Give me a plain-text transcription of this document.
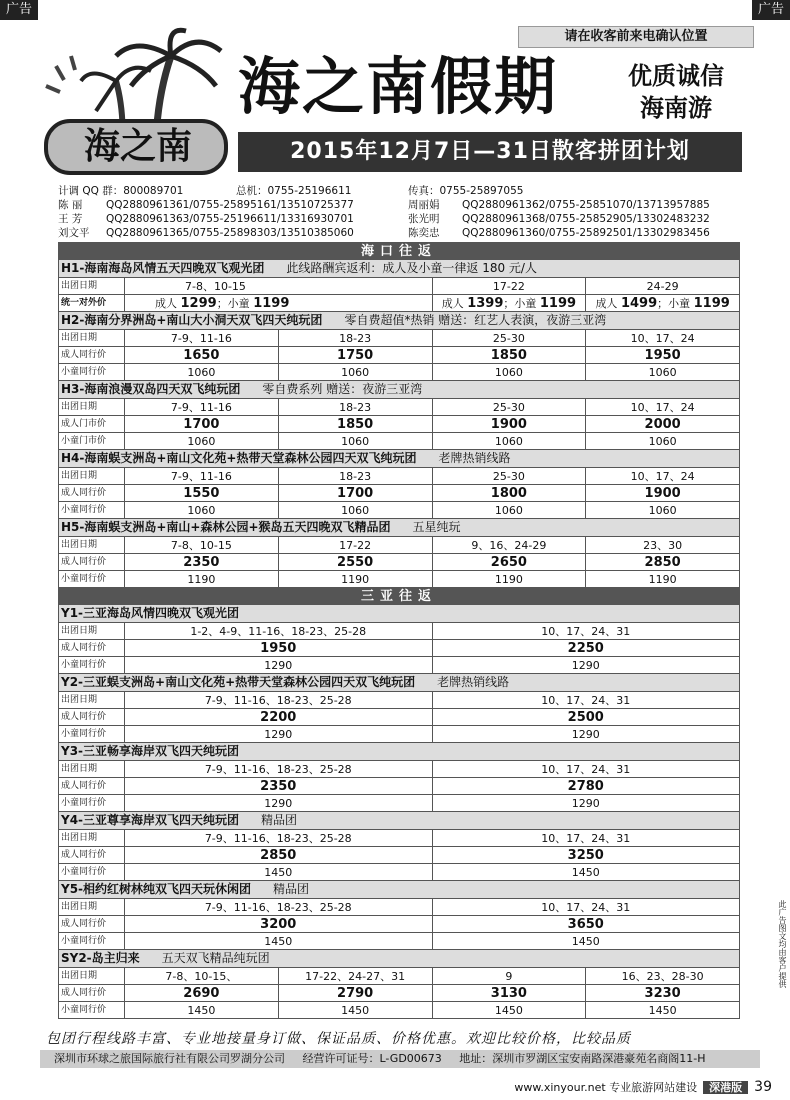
广告	广告
海之南
请在收客前来电确认位置
海之南假期	优质诚信
海南游
2015年12月7日—31日散客拼团计划
计调 QQ 群：800089701	总机：0755-25196611	传真：0755-25897055
陈 丽 QQ2880961361/0755-25895161/13510725377	周丽娟 QQ2880961362/0755-25851070/13713957885
王 芳 QQ2880961363/0755-25196611/13316930701	张光明 QQ2880961368/0755-25852905/13302483232
刘文平 QQ2880961365/0755-25898303/13510385060	陈奕忠 QQ2880961360/0755-25892501/13302983456
海口往返				
H1-海南海岛风情五天四晚双飞观光团 此线路酬宾返利：成人及小童一律返 180 元/人				
出团日期	7-8、10-15		17-22	24-29
统一对外价	成人 1299；小童 1199		成人 1399；小童 1199	成人 1499；小童 1199
H2-海南分界洲岛+南山大小洞天双飞四天纯玩团 零自费超值*热销 赠送：红艺人表演，夜游三亚湾				
出团日期	7-9、11-16	18-23	25-30	10、17、24
成人同行价	1650	1750	1850	1950
小童同行价	1060	1060	1060	1060
H3-海南浪漫双岛四天双飞纯玩团 零自费系列 赠送：夜游三亚湾				
出团日期	7-9、11-16	18-23	25-30	10、17、24
成人门市价	1700	1850	1900	2000
小童门市价	1060	1060	1060	1060
H4-海南蜈支洲岛+南山文化苑+热带天堂森林公园四天双飞纯玩团 老牌热销线路				
出团日期	7-9、11-16	18-23	25-30	10、17、24
成人同行价	1550	1700	1800	1900
小童同行价	1060	1060	1060	1060
H5-海南蜈支洲岛+南山+森林公园+猴岛五天四晚双飞精品团 五星纯玩				
出团日期	7-8、10-15	17-22	9、16、24-29	23、30
成人同行价	2350	2550	2650	2850
小童同行价	1190	1190	1190	1190
三亚往返				
Y1-三亚海岛风情四晚双飞观光团				
出团日期	1-2、4-9、11-16、18-23、25-28		10、17、24、31	
成人同行价	1950		2250	
小童同行价	1290		1290	
Y2-三亚蜈支洲岛+南山文化苑+热带天堂森林公园四天双飞纯玩团 老牌热销线路				
出团日期	7-9、11-16、18-23、25-28		10、17、24、31	
成人同行价	2200		2500	
小童同行价	1290		1290	
Y3-三亚畅享海岸双飞四天纯玩团				
出团日期	7-9、11-16、18-23、25-28		10、17、24、31	
成人同行价	2350		2780	
小童同行价	1290		1290	
Y4-三亚尊享海岸双飞四天纯玩团 精品团				
出团日期	7-9、11-16、18-23、25-28		10、17、24、31	
成人同行价	2850		3250	
小童同行价	1450		1450	
Y5-相约红树林纯双飞四天玩休闲团 精品团				
出团日期	7-9、11-16、18-23、25-28		10、17、24、31	
成人同行价	3200		3650	
小童同行价	1450		1450	
SY2-岛主归来 五天双飞精品纯玩团				
出团日期	7-8、10-15、	17-22、24-27、31	9	16、23、28-30
成人同行价	2690	2790	3130	3230
小童同行价	1450	1450	1450	1450
包团行程线路丰富、专业地接量身订做、保证品质、价格优惠。欢迎比较价格，比较品质
深圳市环球之旅国际旅行社有限公司罗湖分公司 经营许可证号：L-GD00673 地址：深圳市罗湖区宝安南路深港豪苑名商阁11-H
www.xinyour.net 专业旅游网站建设 深港版 39
此广告图文均由客户提供
